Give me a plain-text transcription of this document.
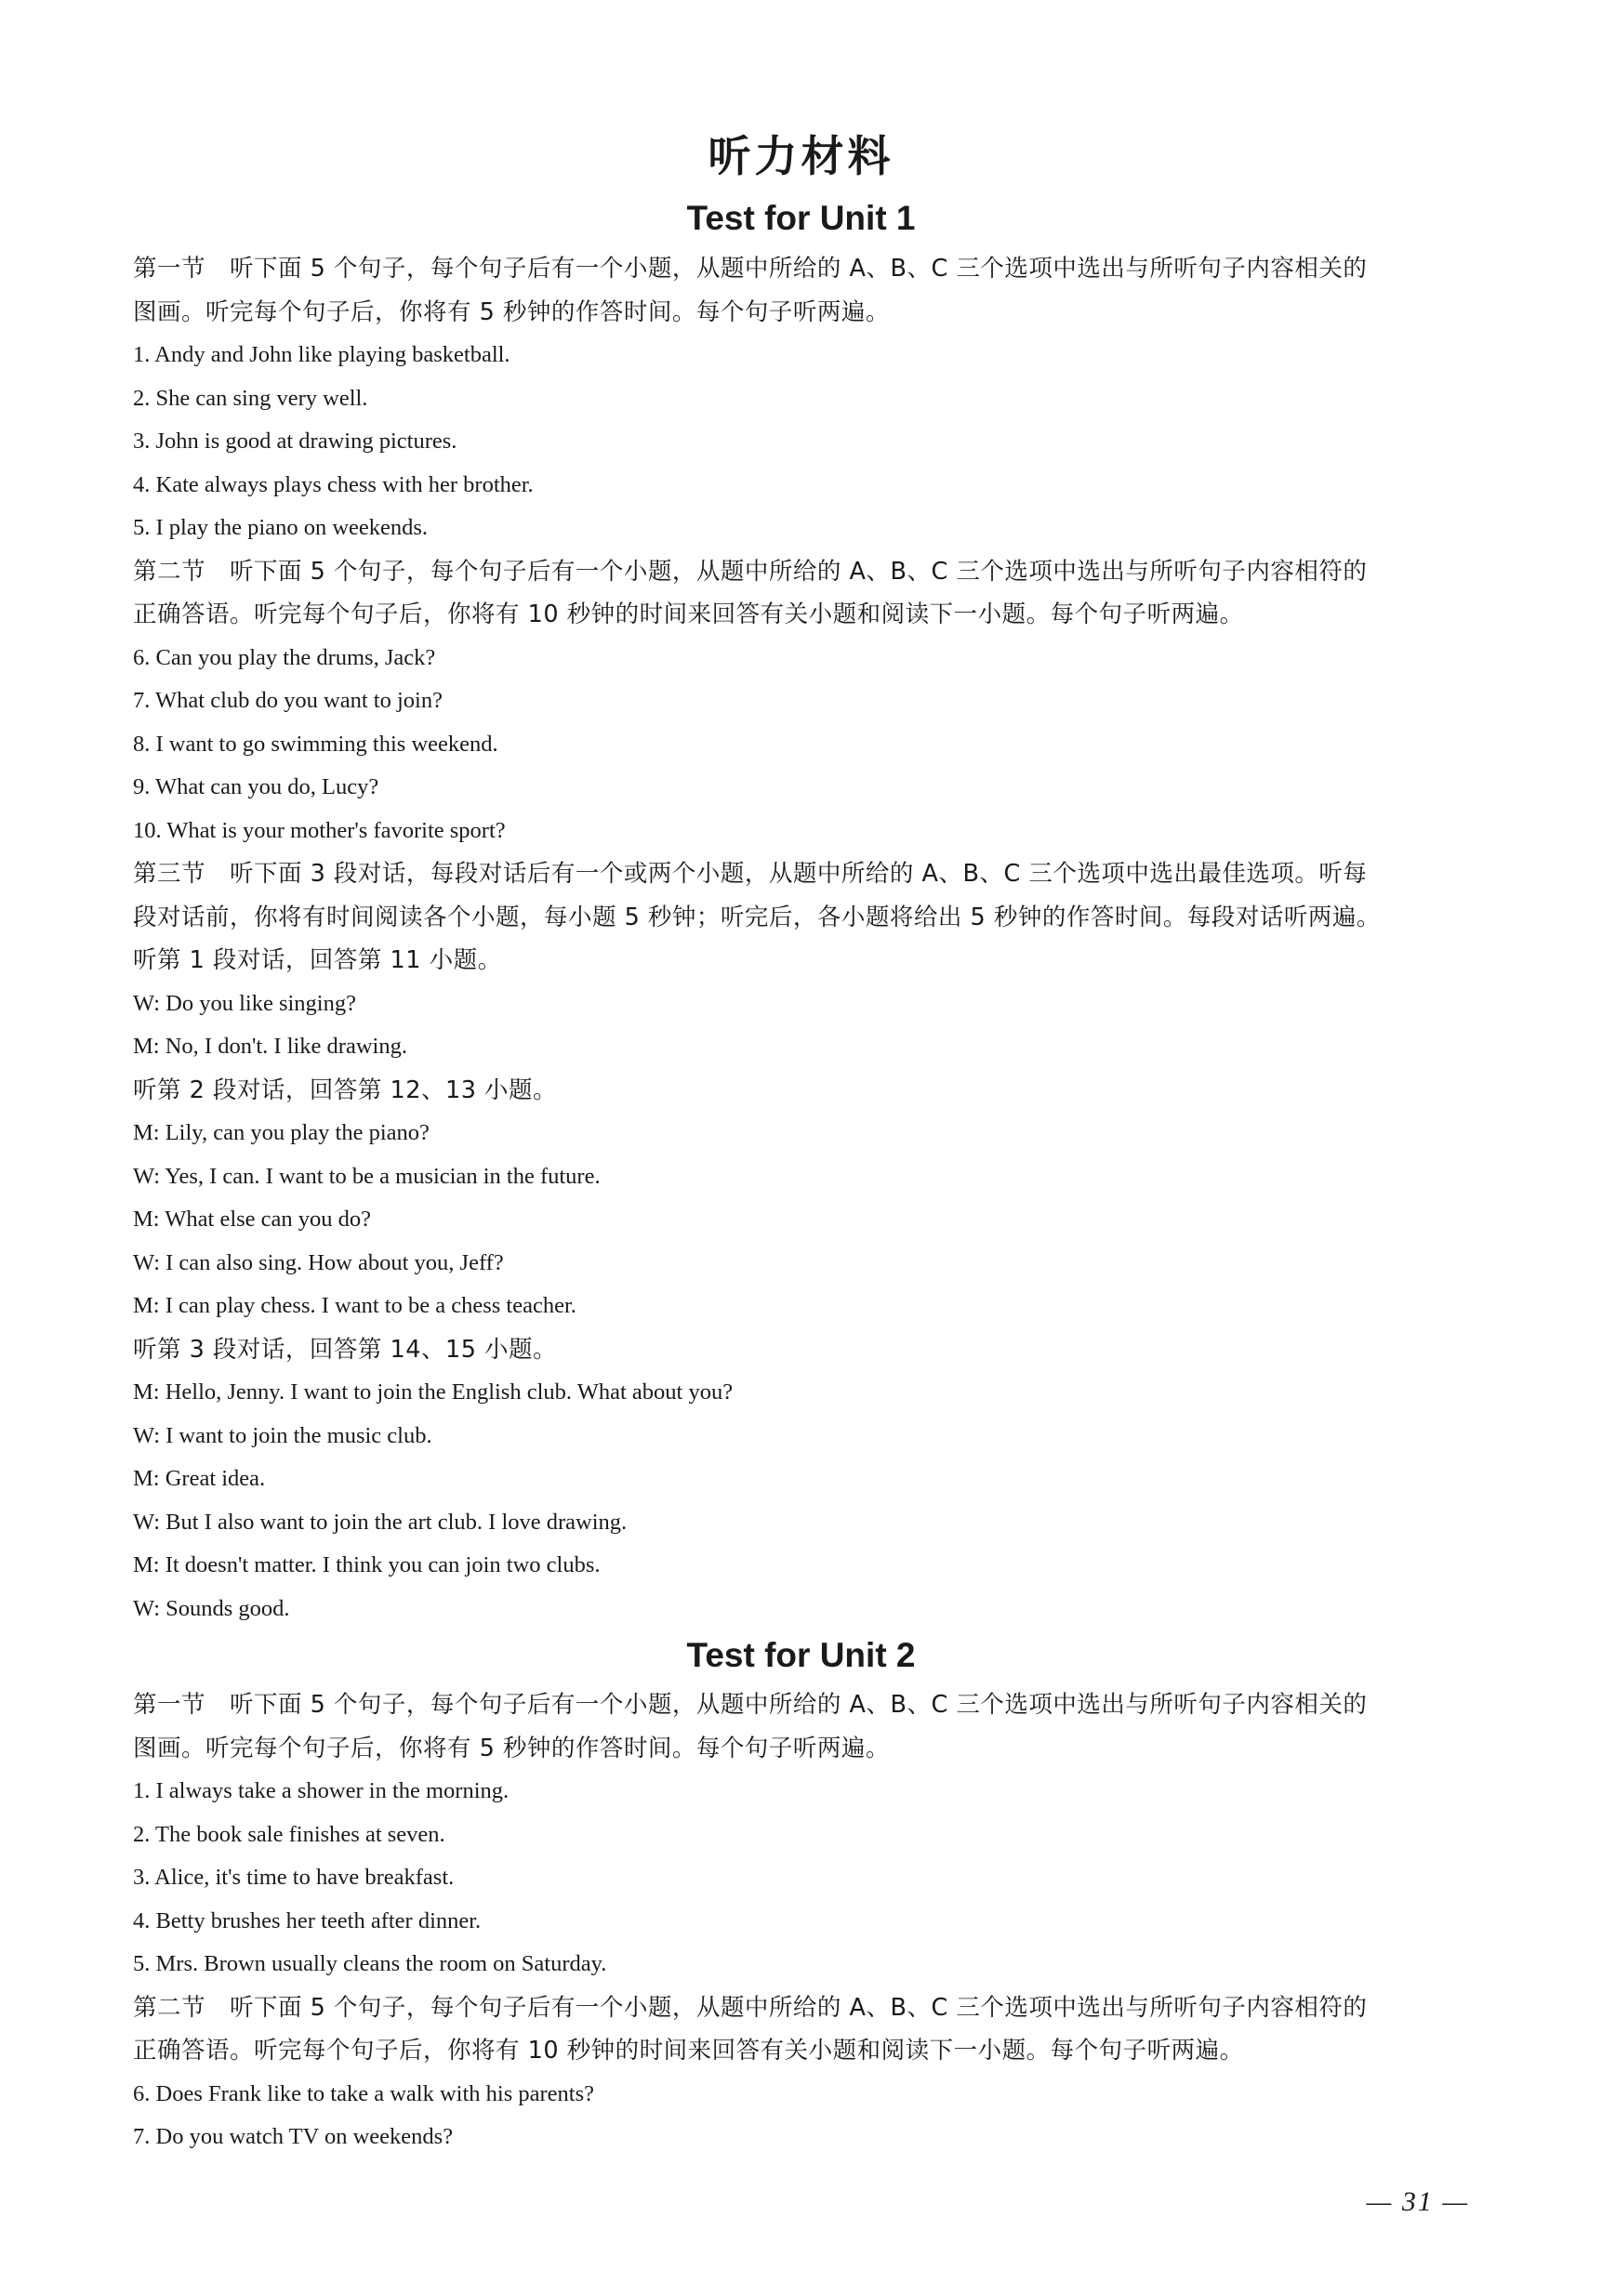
听力材料
Test for Unit 1
第一节　听下面 5 个句子，每个句子后有一个小题，从题中所给的 A、B、C 三个选项中选出与所听句子内容相关的
图画。听完每个句子后，你将有 5 秒钟的作答时间。每个句子听两遍。
1. Andy and John like playing basketball.
2. She can sing very well.
3. John is good at drawing pictures.
4. Kate always plays chess with her brother.
5. I play the piano on weekends.
第二节　听下面 5 个句子，每个句子后有一个小题，从题中所给的 A、B、C 三个选项中选出与所听句子内容相符的
正确答语。听完每个句子后，你将有 10 秒钟的时间来回答有关小题和阅读下一小题。每个句子听两遍。
6. Can you play the drums, Jack?
7. What club do you want to join?
8. I want to go swimming this weekend.
9. What can you do, Lucy?
10. What is your mother's favorite sport?
第三节　听下面 3 段对话，每段对话后有一个或两个小题，从题中所给的 A、B、C 三个选项中选出最佳选项。听每
段对话前，你将有时间阅读各个小题，每小题 5 秒钟；听完后，各小题将给出 5 秒钟的作答时间。每段对话听两遍。
听第 1 段对话，回答第 11 小题。
W: Do you like singing?
M: No, I don't. I like drawing.
听第 2 段对话，回答第 12、13 小题。
M: Lily, can you play the piano?
W: Yes, I can. I want to be a musician in the future.
M: What else can you do?
W: I can also sing. How about you, Jeff?
M: I can play chess. I want to be a chess teacher.
听第 3 段对话，回答第 14、15 小题。
M: Hello, Jenny. I want to join the English club. What about you?
W: I want to join the music club.
M: Great idea.
W: But I also want to join the art club. I love drawing.
M: It doesn't matter. I think you can join two clubs.
W: Sounds good.
Test for Unit 2
第一节　听下面 5 个句子，每个句子后有一个小题，从题中所给的 A、B、C 三个选项中选出与所听句子内容相关的
图画。听完每个句子后，你将有 5 秒钟的作答时间。每个句子听两遍。
1. I always take a shower in the morning.
2. The book sale finishes at seven.
3. Alice, it's time to have breakfast.
4. Betty brushes her teeth after dinner.
5. Mrs. Brown usually cleans the room on Saturday.
第二节　听下面 5 个句子，每个句子后有一个小题，从题中所给的 A、B、C 三个选项中选出与所听句子内容相符的
正确答语。听完每个句子后，你将有 10 秒钟的时间来回答有关小题和阅读下一小题。每个句子听两遍。
6. Does Frank like to take a walk with his parents?
7. Do you watch TV on weekends?
— 31 —
